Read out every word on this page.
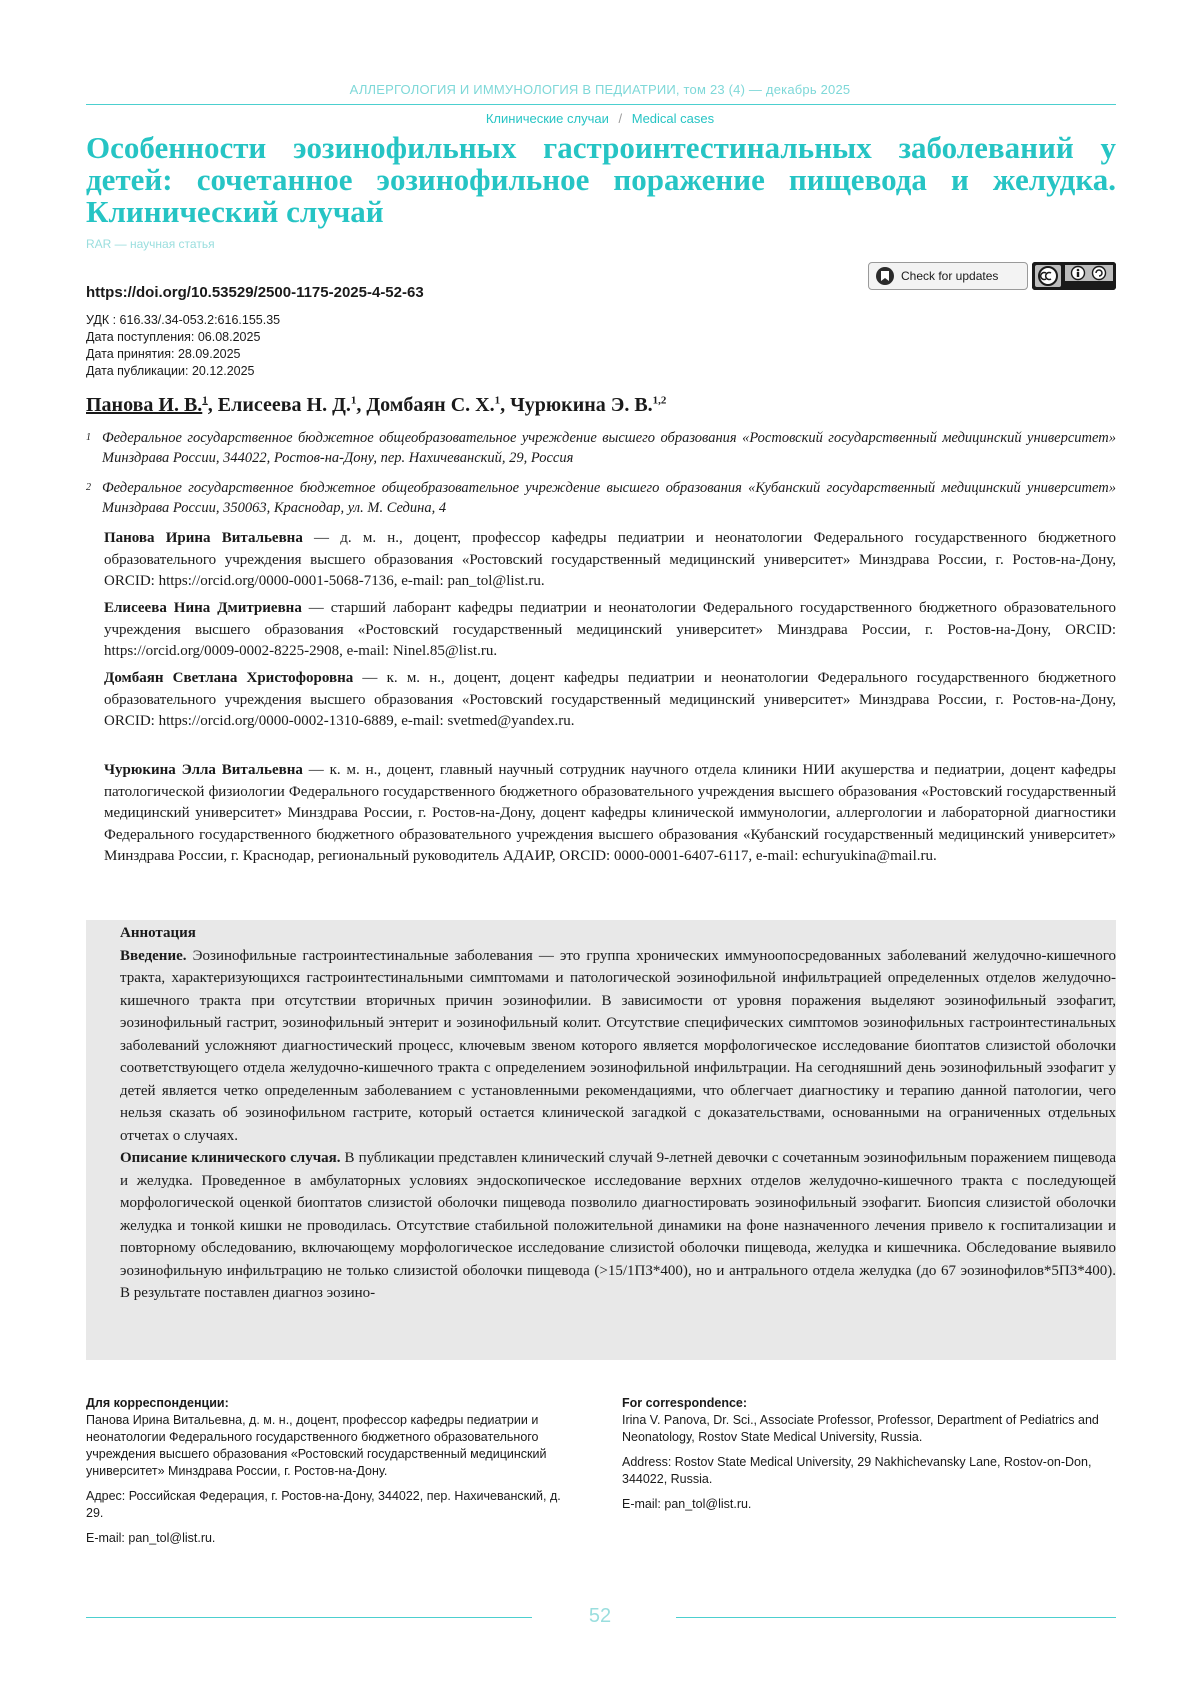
АЛЛЕРГОЛОГИЯ И ИММУНОЛОГИЯ В ПЕДИАТРИИ, том 23 (4) — декабрь 2025
Клинические случаи / Medical cases
Особенности эозинофильных гастроинтестинальных заболеваний у детей: сочетанное эозинофильное поражение пищевода и желудка. Клинический случай
RAR — научная статья
https://doi.org/10.53529/2500-1175-2025-4-52-63
Check for updates
УДК : 616.33/.34-053.2:616.155.35
Дата поступления: 06.08.2025
Дата принятия: 28.09.2025
Дата публикации: 20.12.2025
Панова И. В.$^1$, Елисеева Н. Д.$^1$, Домбаян С. Х.$^1$, Чурюкина Э. В.$^{1,2}$
1 Федеральное государственное бюджетное общеобразовательное учреждение высшего образования «Ростовский государственный медицинский университет» Минздрава России, 344022, Ростов-на-Дону, пер. Нахичеванский, 29, Россия
2 Федеральное государственное бюджетное общеобразовательное учреждение высшего образования «Кубанский государственный медицинский университет» Минздрава России, 350063, Краснодар, ул. М. Седина, 4
Панова Ирина Витальевна — д. м. н., доцент, профессор кафедры педиатрии и неонатологии Федерального государственного бюджетного образовательного учреждения высшего образования «Ростовский государственный медицинский университет» Минздрава России, г. Ростов-на-Дону, ORCID: https://orcid.org/0000-0001-5068-7136, e-mail: pan_tol@list.ru.
Елисеева Нина Дмитриевна — старший лаборант кафедры педиатрии и неонатологии Федерального государственного бюджетного образовательного учреждения высшего образования «Ростовский государственный медицинский университет» Минздрава России, г. Ростов-на-Дону, ORCID: https://orcid.org/0009-0002-8225-2908, e-mail: Ninel.85@list.ru.
Домбаян Светлана Христофоровна — к. м. н., доцент, доцент кафедры педиатрии и неонатологии Федерального государственного бюджетного образовательного учреждения высшего образования «Ростовский государственный медицинский университет» Минздрава России, г. Ростов-на-Дону, ORCID: https://orcid.org/0000-0002-1310-6889, e-mail: svetmed@yandex.ru.
Чурюкина Элла Витальевна — к. м. н., доцент, главный научный сотрудник научного отдела клиники НИИ акушерства и педиатрии, доцент кафедры патологической физиологии Федерального государственного бюджетного образовательного учреждения высшего образования «Ростовский государственный медицинский университет» Минздрава России, г. Ростов-на-Дону, доцент кафедры клинической иммунологии, аллергологии и лабораторной диагностики Федерального государственного бюджетного образовательного учреждения высшего образования «Кубанский государственный медицинский университет» Минздрава России, г. Краснодар, региональный руководитель АДАИР, ORCID: 0000-0001-6407-6117, e-mail: echuryukina@mail.ru.

Аннотация

Введение. Эозинофильные гастроинтестинальные заболевания — это группа хронических иммуноопосредованных заболеваний желудочно-кишечного тракта, характеризующихся гастроинтестинальными симптомами и патологической эозинофильной инфильтрацией определенных отделов желудочно-кишечного тракта при отсутствии вторичных причин эозинофилии. В зависимости от уровня поражения выделяют эозинофильный эзофагит, эозинофильный гастрит, эозинофильный энтерит и эозинофильный колит. Отсутствие специфических симптомов эозинофильных гастроинтестинальных заболеваний усложняют диагностический процесс, ключевым звеном которого является морфологическое исследование биоптатов слизистой оболочки соответствующего отдела желудочно-кишечного тракта с определением эозинофильной инфильтрации. На сегодняшний день эозинофильный эзофагит у детей является четко определенным заболеванием с установленными рекомендациями, что облегчает диагностику и терапию данной патологии, чего нельзя сказать об эозинофильном гастрите, который остается клинической загадкой с доказательствами, основанными на ограниченных отдельных отчетах о случаях.

Описание клинического случая. В публикации представлен клинический случай 9-летней девочки с сочетанным эозинофильным поражением пищевода и желудка. Проведенное в амбулаторных условиях эндоскопическое исследование верхних отделов желудочно-кишечного тракта с последующей морфологической оценкой биоптатов слизистой оболочки пищевода позволило диагностировать эозинофильный эзофагит. Биопсия слизистой оболочки желудка и тонкой кишки не проводилась. Отсутствие стабильной положительной динамики на фоне назначенного лечения привело к госпитализации и повторному обследованию, включающему морфологическое исследование слизистой оболочки пищевода, желудка и кишечника. Обследование выявило эозинофильную инфильтрацию не только слизистой оболочки пищевода (>15/1ПЗ*400), но и антрального отдела желудка (до 67 эозинофилов*5ПЗ*400). В результате поставлен диагноз эозино-

Для корреспонденции:

Панова Ирина Витальевна, д. м. н., доцент, профессор кафедры педиатрии и неонатологии Федерального государственного бюджетного образовательного учреждения высшего образования «Ростовский государственный медицинский университет» Минздрава России, г. Ростов-на-Дону.

Адрес: Российская Федерация, г. Ростов-на-Дону, 344022, пер. Нахичеванский, д. 29.

E-mail: pan_tol@list.ru.

For correspondence:

Irina V. Panova, Dr. Sci., Associate Professor, Professor, Department of Pediatrics and Neonatology, Rostov State Medical University, Russia.

Address: Rostov State Medical University, 29 Nakhichevansky Lane, Rostov-on-Don, 344022, Russia.

E-mail: pan_tol@list.ru.

52
